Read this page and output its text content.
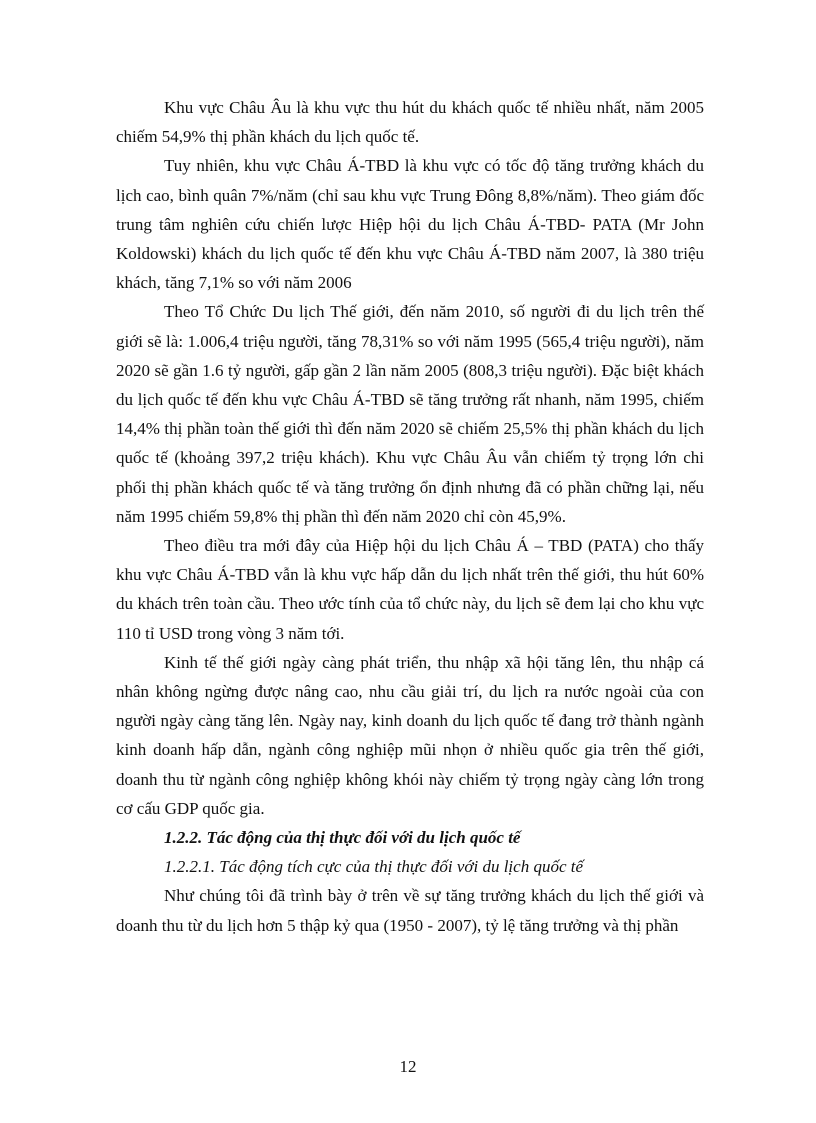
Khu vực Châu Âu là khu vực thu hút du khách quốc tế nhiều nhất, năm 2005 chiếm 54,9% thị phần khách du lịch quốc tế.

Tuy nhiên, khu vực Châu Á-TBD là khu vực có tốc độ tăng trưởng khách du lịch cao, bình quân 7%/năm (chỉ sau khu vực Trung Đông 8,8%/năm). Theo giám đốc trung tâm nghiên cứu chiến lược Hiệp hội du lịch Châu Á-TBD- PATA (Mr John Koldowski) khách du lịch quốc tế đến khu vực Châu Á-TBD năm 2007, là 380 triệu khách, tăng 7,1% so với năm 2006

Theo Tổ Chức Du lịch Thế giới, đến năm 2010, số người đi du lịch trên thế giới sẽ là: 1.006,4 triệu người, tăng 78,31% so với năm 1995 (565,4 triệu người), năm 2020 sẽ gần 1.6 tỷ người, gấp gần 2 lần năm 2005 (808,3 triệu người). Đặc biệt khách du lịch quốc tế đến khu vực Châu Á-TBD sẽ tăng trưởng rất nhanh, năm 1995, chiếm 14,4% thị phần toàn thế giới thì đến năm 2020 sẽ chiếm 25,5% thị phần khách du lịch quốc tế (khoảng 397,2 triệu khách). Khu vực Châu Âu vẫn chiếm tỷ trọng lớn chi phối thị phần khách quốc tế và tăng trưởng ổn định nhưng đã có phần chững lại, nếu năm 1995 chiếm 59,8% thị phần thì đến năm 2020 chỉ còn 45,9%.

Theo điều tra mới đây của Hiệp hội du lịch Châu Á – TBD (PATA) cho thấy khu vực Châu Á-TBD vẫn là khu vực hấp dẫn du lịch nhất trên thế giới, thu hút 60% du khách trên toàn cầu. Theo ước tính của tổ chức này, du lịch sẽ đem lại cho khu vực 110 tỉ USD trong vòng 3 năm tới.

Kinh tế thế giới ngày càng phát triển, thu nhập xã hội tăng lên, thu nhập cá nhân không ngừng được nâng cao, nhu cầu giải trí, du lịch ra nước ngoài của con người ngày càng tăng lên. Ngày nay, kinh doanh du lịch quốc tế đang trở thành ngành kinh doanh hấp dẫn, ngành công nghiệp mũi nhọn ở nhiều quốc gia trên thế giới, doanh thu từ ngành công nghiệp không khói này chiếm tỷ trọng ngày càng lớn trong cơ cấu GDP quốc gia.

1.2.2. Tác động của thị thực đối với du lịch quốc tế

1.2.2.1. Tác động tích cực của thị thực đối với du lịch quốc tế

Như chúng tôi đã trình bày ở trên về sự tăng trưởng khách du lịch thế giới và doanh thu từ du lịch hơn 5 thập kỷ qua (1950 - 2007), tỷ lệ tăng trưởng và thị phần

12
